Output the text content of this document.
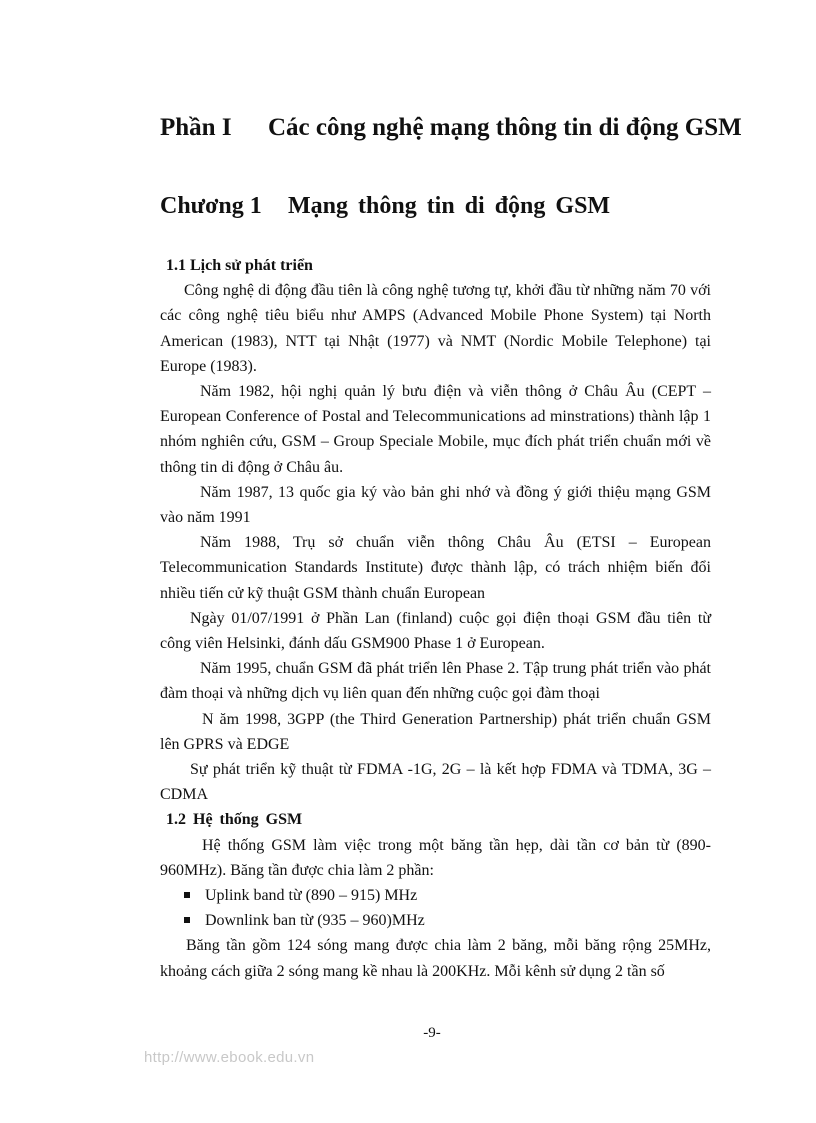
Phần I Các công nghệ mạng thông tin di động GSM
Chương 1 Mạng thông tin di động GSM
1.1 Lịch sử phát triển

Công nghệ di động đầu tiên là công nghệ tương tự, khởi đầu từ những năm 70 với các công nghệ tiêu biểu như AMPS (Advanced Mobile Phone System) tại North American (1983), NTT tại Nhật (1977) và NMT (Nordic Mobile Telephone) tại Europe (1983).

Năm 1982, hội nghị quản lý bưu điện và viễn thông ở Châu Âu (CEPT – European Conference of Postal and Telecommunications ad minstrations) thành lập 1 nhóm nghiên cứu, GSM – Group Speciale Mobile, mục đích phát triển chuẩn mới về thông tin di động ở Châu âu.

Năm 1987, 13 quốc gia ký vào bản ghi nhớ và đồng ý giới thiệu mạng GSM vào năm 1991

Năm 1988, Trụ sở chuẩn viễn thông Châu Âu (ETSI – European Telecommunication Standards Institute) được thành lập, có trách nhiệm biến đổi nhiều tiến cử kỹ thuật GSM thành chuẩn European

Ngày 01/07/1991 ở Phần Lan (finland) cuộc gọi điện thoại GSM đầu tiên từ công viên Helsinki, đánh dấu GSM900 Phase 1 ở European.

Năm 1995, chuẩn GSM đã phát triển lên Phase 2. Tập trung phát triển vào phát đàm thoại và những dịch vụ liên quan đến những cuộc gọi đàm thoại

N ăm 1998, 3GPP (the Third Generation Partnership) phát triển chuẩn GSM lên GPRS và EDGE

Sự phát triển kỹ thuật từ FDMA -1G, 2G – là kết hợp FDMA và TDMA, 3G – CDMA

1.2 Hệ thống GSM

Hệ thống GSM làm việc trong một băng tần hẹp, dài tần cơ bản từ (890-960MHz). Băng tần được chia làm 2 phần:

Uplink band từ (890 – 915) MHz
Downlink ban từ (935 – 960)MHz

Băng tần gồm 124 sóng mang được chia làm 2 băng, mỗi băng rộng 25MHz, khoảng cách giữa 2 sóng mang kề nhau là 200KHz. Mỗi kênh sử dụng 2 tần số

-9-
http://www.ebook.edu.vn
